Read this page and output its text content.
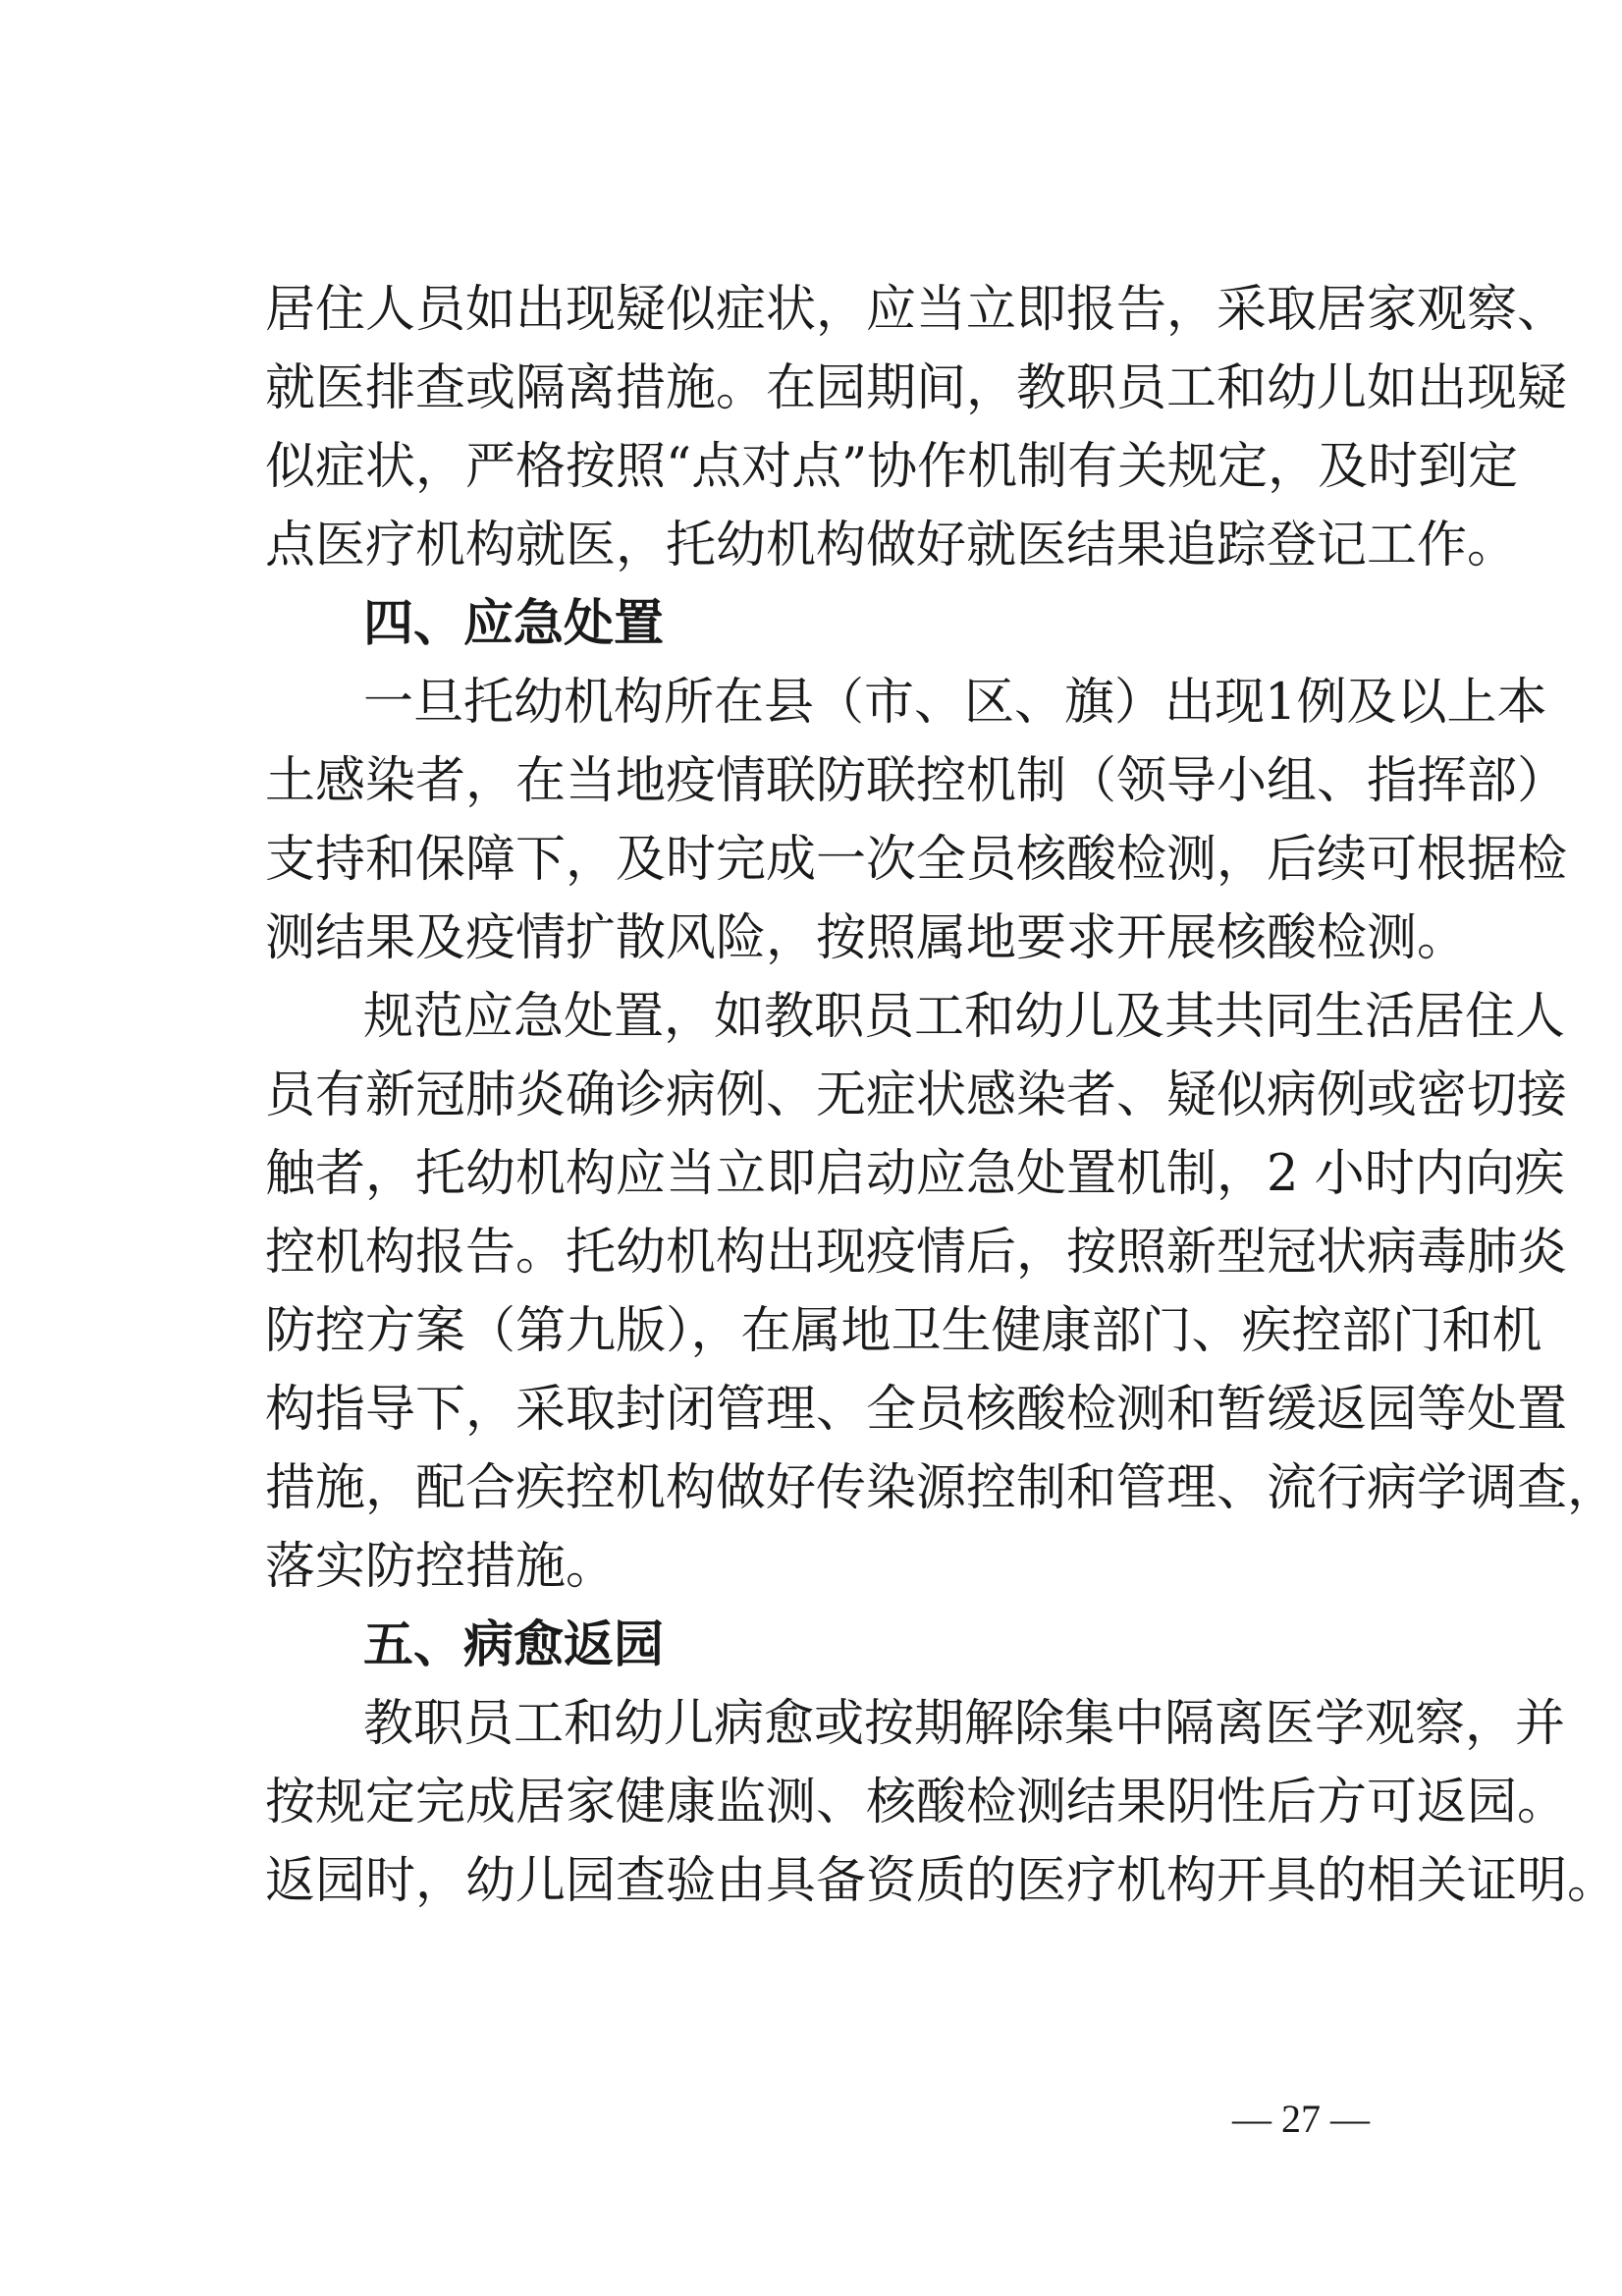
居住人员如出现疑似症状，应当立即报告，采取居家观察、
就医排查或隔离措施。在园期间，教职员工和幼儿如出现疑
似症状，严格按照“点对点”协作机制有关规定，及时到定
点医疗机构就医，托幼机构做好就医结果追踪登记工作。
四、应急处置
一旦托幼机构所在县（市、区、旗）出现1例及以上本
土感染者，在当地疫情联防联控机制（领导小组、指挥部）
支持和保障下，及时完成一次全员核酸检测，后续可根据检
测结果及疫情扩散风险，按照属地要求开展核酸检测。
规范应急处置，如教职员工和幼儿及其共同生活居住人
员有新冠肺炎确诊病例、无症状感染者、疑似病例或密切接
触者，托幼机构应当立即启动应急处置机制，2 小时内向疾
控机构报告。托幼机构出现疫情后，按照新型冠状病毒肺炎
防控方案（第九版），在属地卫生健康部门、疾控部门和机
构指导下，采取封闭管理、全员核酸检测和暂缓返园等处置
措施，配合疾控机构做好传染源控制和管理、流行病学调查，
落实防控措施。
五、病愈返园
教职员工和幼儿病愈或按期解除集中隔离医学观察，并
按规定完成居家健康监测、核酸检测结果阴性后方可返园。
返园时，幼儿园查验由具备资质的医疗机构开具的相关证明。
— 27 —
